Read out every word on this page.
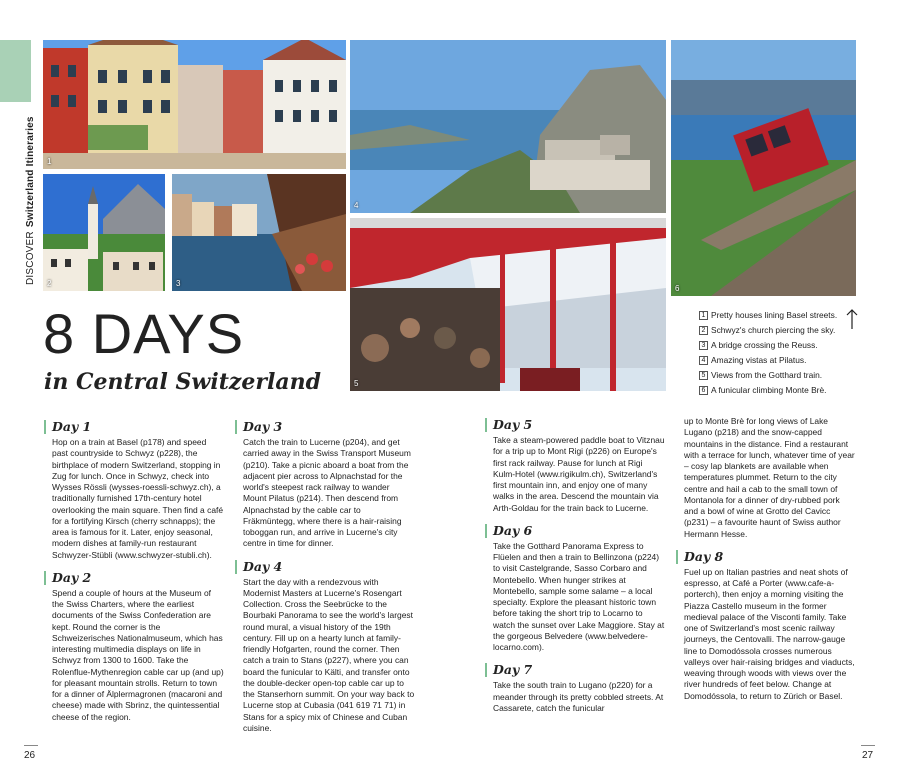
DISCOVERSwitzerland Itineraries 1
2	3
4
5
6
8 DAYS
in Central Switzerland
1 Pretty houses lining Basel streets.
2 Schwyz's church piercing the sky.
3 A bridge crossing the Reuss.
4 Amazing vistas at Pilatus.
5 Views from the Gotthard train.
6 A funicular climbing Monte Brè.
Day 1
Hop on a train at Basel (p178) and speed past countryside to Schwyz (p228), the birthplace of modern Switzerland, stopping in Zug for lunch. Once in Schwyz, check into Wysses Rössli (wysses-roessli-schwyz.ch), a traditionally furnished 17th-century hotel overlooking the main square. Then find a café for a fortifying Kirsch (cherry schnapps); the area is famous for it. Later, enjoy seasonal, modern dishes at family-run restaurant Schwyzer-Stübli (www.schwyzer-stubli.ch).
Day 2
Spend a couple of hours at the Museum of the Swiss Charters, where the earliest documents of the Swiss Confederation are kept. Round the corner is the Schweizerisches Nationalmuseum, which has interesting multimedia displays on life in Schwyz from 1300 to 1600. Take the Rolenflue-Mythenregion cable car up (and up) for pleasant mountain strolls. Return to town for a dinner of Älplermagronen (macaroni and cheese) made with Sbrinz, the quintessential cheese of the region.
Day 3
Catch the train to Lucerne (p204), and get carried away in the Swiss Transport Museum (p210). Take a picnic aboard a boat from the adjacent pier across to Alpnachstad for the world's steepest rack railway to wander Mount Pilatus (p214). Then descend from Alpnachstad by the cable car to Fräkmüntegg, where there is a hair-raising toboggan run, and arrive in Lucerne's city centre in time for dinner.
Day 4
Start the day with a rendezvous with Modernist Masters at Lucerne's Rosengart Collection. Cross the Seebrücke to the Bourbaki Panorama to see the world's largest round mural, a visual history of the 19th century. Fill up on a hearty lunch at family-friendly Hofgarten, round the corner. Then catch a train to Stans (p227), where you can board the funicular to Kälti, and transfer onto the double-decker open-top cable car up to the Stanserhorn summit. On your way back to Lucerne stop at Cubasia (041 619 71 71) in Stans for a spicy mix of Chinese and Cuban cuisine.
Day 5
Take a steam-powered paddle boat to Vitznau for a trip up to Mont Rigi (p226) on Europe's first rack railway. Pause for lunch at Rigi Kulm-Hotel (www.rigikulm.ch), Switzerland's first mountain inn, and enjoy one of many walks in the area. Descend the mountain via Arth-Goldau for the train back to Lucerne.
Day 6
Take the Gotthard Panorama Express to Flüelen and then a train to Bellinzona (p224) to visit Castelgrande, Sasso Corbaro and Montebello. When hunger strikes at Montebello, sample some salame – a local specialty. Explore the pleasant historic town before taking the short trip to Locarno to watch the sunset over Lake Maggiore. Stay at the gorgeous Belvedere (www.belvedere-locarno.com).
Day 7
Take the south train to Lugano (p220) for a meander through its pretty cobbled streets. At Cassarete, catch the funicular
up to Monte Brè for long views of Lake Lugano (p218) and the snow-capped mountains in the distance. Find a restaurant with a terrace for lunch, whatever time of year – cosy lap blankets are available when temperatures plummet. Return to the city centre and hail a cab to the small town of Montanola for a dinner of dry-rubbed pork and a bowl of wine at Grotto del Cavicc (p231) – a favourite haunt of Swiss author Hermann Hesse.
Day 8
Fuel up on Italian pastries and neat shots of espresso, at Café a Porter (www.cafe-a-porterch), then enjoy a morning visiting the Piazza Castello museum in the former medieval palace of the Visconti family. Take one of Switzerland's most scenic railway journeys, the Centovalli. The narrow-gauge line to Domodóssola crosses numerous valleys over hair-raising bridges and viaducts, weaving through woods with views over the river hundreds of feet below. Change at Domodóssola, to return to Zürich or Basel.
26	27
